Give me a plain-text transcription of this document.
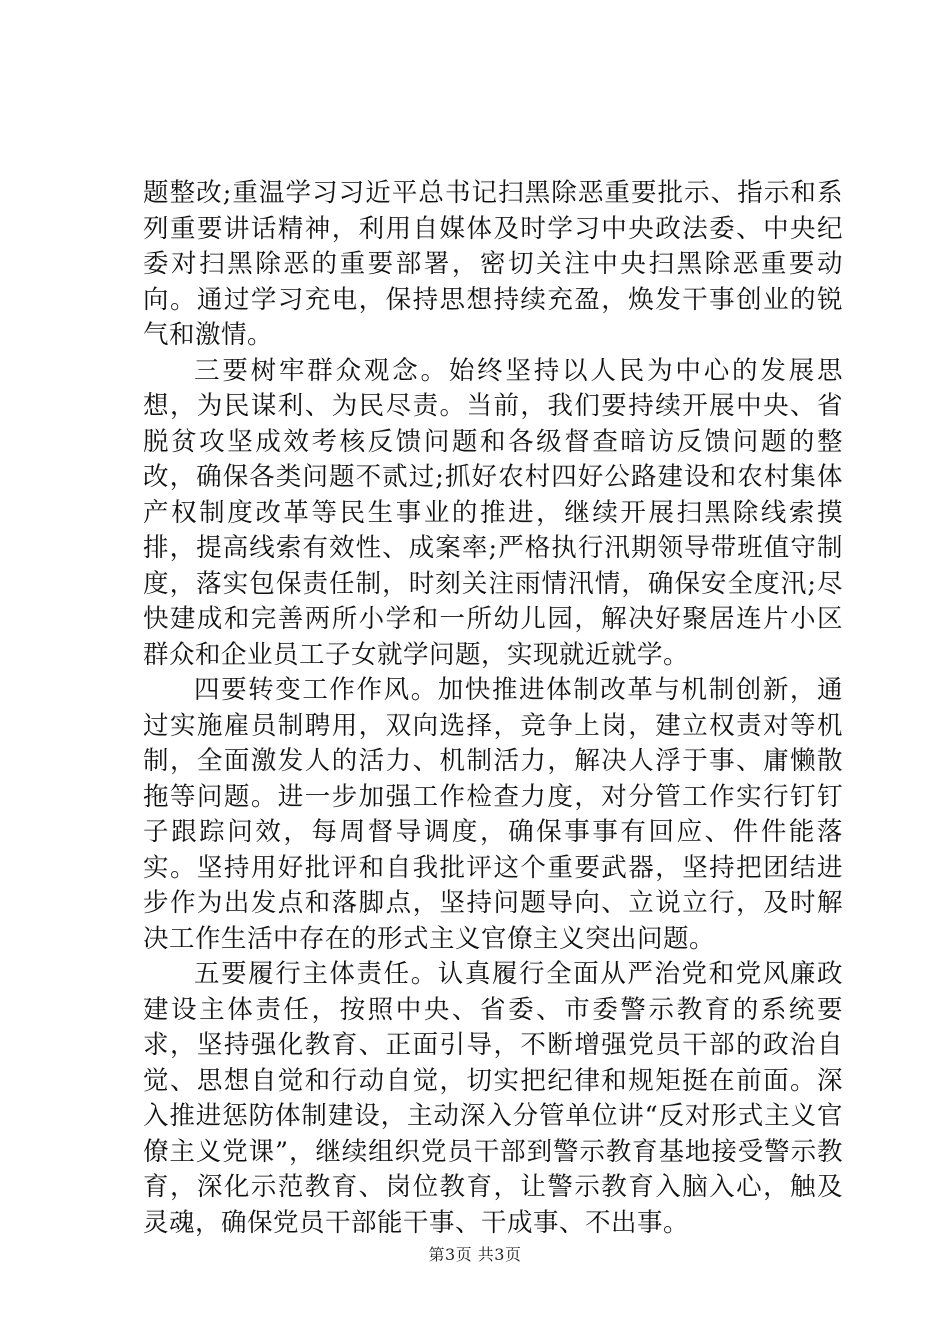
题整改;重温学习习近平总书记扫黑除恶重要批示、指示和系列重要讲话精神，利用自媒体及时学习中央政法委、中央纪委对扫黑除恶的重要部署，密切关注中央扫黑除恶重要动向。通过学习充电，保持思想持续充盈，焕发干事创业的锐气和激情。

三要树牢群众观念。始终坚持以人民为中心的发展思想，为民谋利、为民尽责。当前，我们要持续开展中央、省脱贫攻坚成效考核反馈问题和各级督查暗访反馈问题的整改，确保各类问题不贰过;抓好农村四好公路建设和农村集体产权制度改革等民生事业的推进，继续开展扫黑除线索摸排，提高线索有效性、成案率;严格执行汛期领导带班值守制度，落实包保责任制，时刻关注雨情汛情，确保安全度汛;尽快建成和完善两所小学和一所幼儿园，解决好聚居连片小区群众和企业员工子女就学问题，实现就近就学。

四要转变工作作风。加快推进体制改革与机制创新，通过实施雇员制聘用，双向选择，竞争上岗，建立权责对等机制，全面激发人的活力、机制活力，解决人浮于事、庸懒散拖等问题。进一步加强工作检查力度，对分管工作实行钉钉子跟踪问效，每周督导调度，确保事事有回应、件件能落实。坚持用好批评和自我批评这个重要武器，坚持把团结进步作为出发点和落脚点，坚持问题导向、立说立行，及时解决工作生活中存在的形式主义官僚主义突出问题。

五要履行主体责任。认真履行全面从严治党和党风廉政建设主体责任，按照中央、省委、市委警示教育的系统要求，坚持强化教育、正面引导，不断增强党员干部的政治自觉、思想自觉和行动自觉，切实把纪律和规矩挺在前面。深入推进惩防体制建设，主动深入分管单位讲“反对形式主义官僚主义党课”，继续组织党员干部到警示教育基地接受警示教育，深化示范教育、岗位教育，让警示教育入脑入心，触及灵魂，确保党员干部能干事、干成事、不出事。

第3页 共3页
